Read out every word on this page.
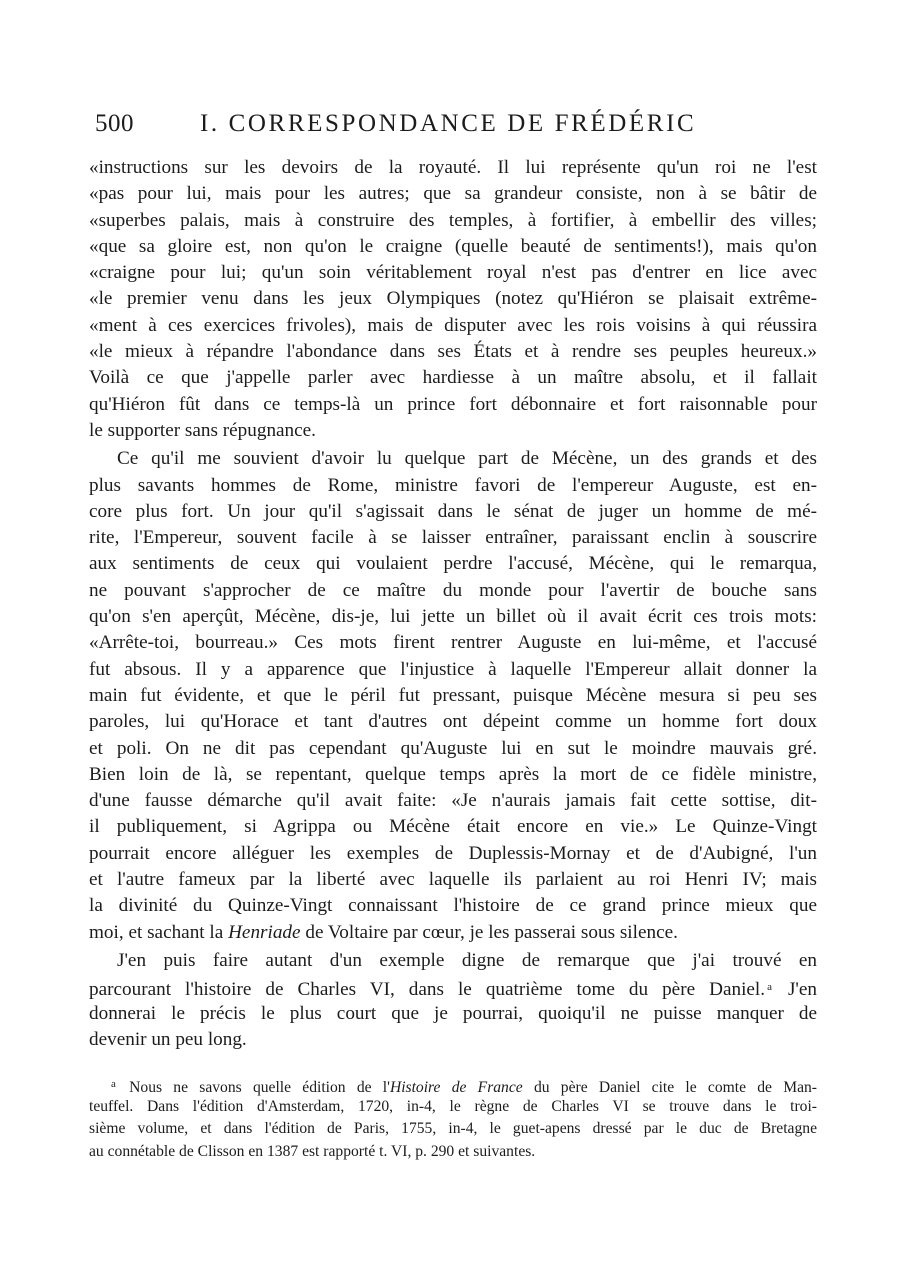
500	I. CORRESPONDANCE DE FRÉDÉRIC
«instructions sur les devoirs de la royauté. Il lui représente qu'un roi ne l'est
«pas pour lui, mais pour les autres; que sa grandeur consiste, non à se bâtir de
«superbes palais, mais à construire des temples, à fortifier, à embellir des villes;
«que sa gloire est, non qu'on le craigne (quelle beauté de sentiments!), mais qu'on
«craigne pour lui; qu'un soin véritablement royal n'est pas d'entrer en lice avec
«le premier venu dans les jeux Olympiques (notez qu'Hiéron se plaisait extrême-
«ment à ces exercices frivoles), mais de disputer avec les rois voisins à qui réussira
«le mieux à répandre l'abondance dans ses États et à rendre ses peuples heureux.»
Voilà ce que j'appelle parler avec hardiesse à un maître absolu, et il fallait
qu'Hiéron fût dans ce temps-là un prince fort débonnaire et fort raisonnable pour
le supporter sans répugnance.
Ce qu'il me souvient d'avoir lu quelque part de Mécène, un des grands et des
plus savants hommes de Rome, ministre favori de l'empereur Auguste, est en-
core plus fort. Un jour qu'il s'agissait dans le sénat de juger un homme de mé-
rite, l'Empereur, souvent facile à se laisser entraîner, paraissant enclin à souscrire
aux sentiments de ceux qui voulaient perdre l'accusé, Mécène, qui le remarqua,
ne pouvant s'approcher de ce maître du monde pour l'avertir de bouche sans
qu'on s'en aperçût, Mécène, dis-je, lui jette un billet où il avait écrit ces trois mots:
«Arrête-toi, bourreau.» Ces mots firent rentrer Auguste en lui-même, et l'accusé
fut absous. Il y a apparence que l'injustice à laquelle l'Empereur allait donner la
main fut évidente, et que le péril fut pressant, puisque Mécène mesura si peu ses
paroles, lui qu'Horace et tant d'autres ont dépeint comme un homme fort doux
et poli. On ne dit pas cependant qu'Auguste lui en sut le moindre mauvais gré.
Bien loin de là, se repentant, quelque temps après la mort de ce fidèle ministre,
d'une fausse démarche qu'il avait faite: «Je n'aurais jamais fait cette sottise, dit-
il publiquement, si Agrippa ou Mécène était encore en vie.» Le Quinze-Vingt
pourrait encore alléguer les exemples de Duplessis-Mornay et de d'Aubigné, l'un
et l'autre fameux par la liberté avec laquelle ils parlaient au roi Henri IV; mais
la divinité du Quinze-Vingt connaissant l'histoire de ce grand prince mieux que
moi, et sachant la Henriade de Voltaire par cœur, je les passerai sous silence.
J'en puis faire autant d'un exemple digne de remarque que j'ai trouvé en
parcourant l'histoire de Charles VI, dans le quatrième tome du père Daniel. $^a$ J'en
donnerai le précis le plus court que je pourrai, quoiqu'il ne puisse manquer de
devenir un peu long.
$^a$ Nous ne savons quelle édition de l'Histoire de France du père Daniel cite le comte de Man-
teuffel. Dans l'édition d'Amsterdam, 1720, in-4, le règne de Charles VI se trouve dans le troi-
sième volume, et dans l'édition de Paris, 1755, in-4, le guet-apens dressé par le duc de Bretagne
au connétable de Clisson en 1387 est rapporté t. VI, p. 290 et suivantes.
